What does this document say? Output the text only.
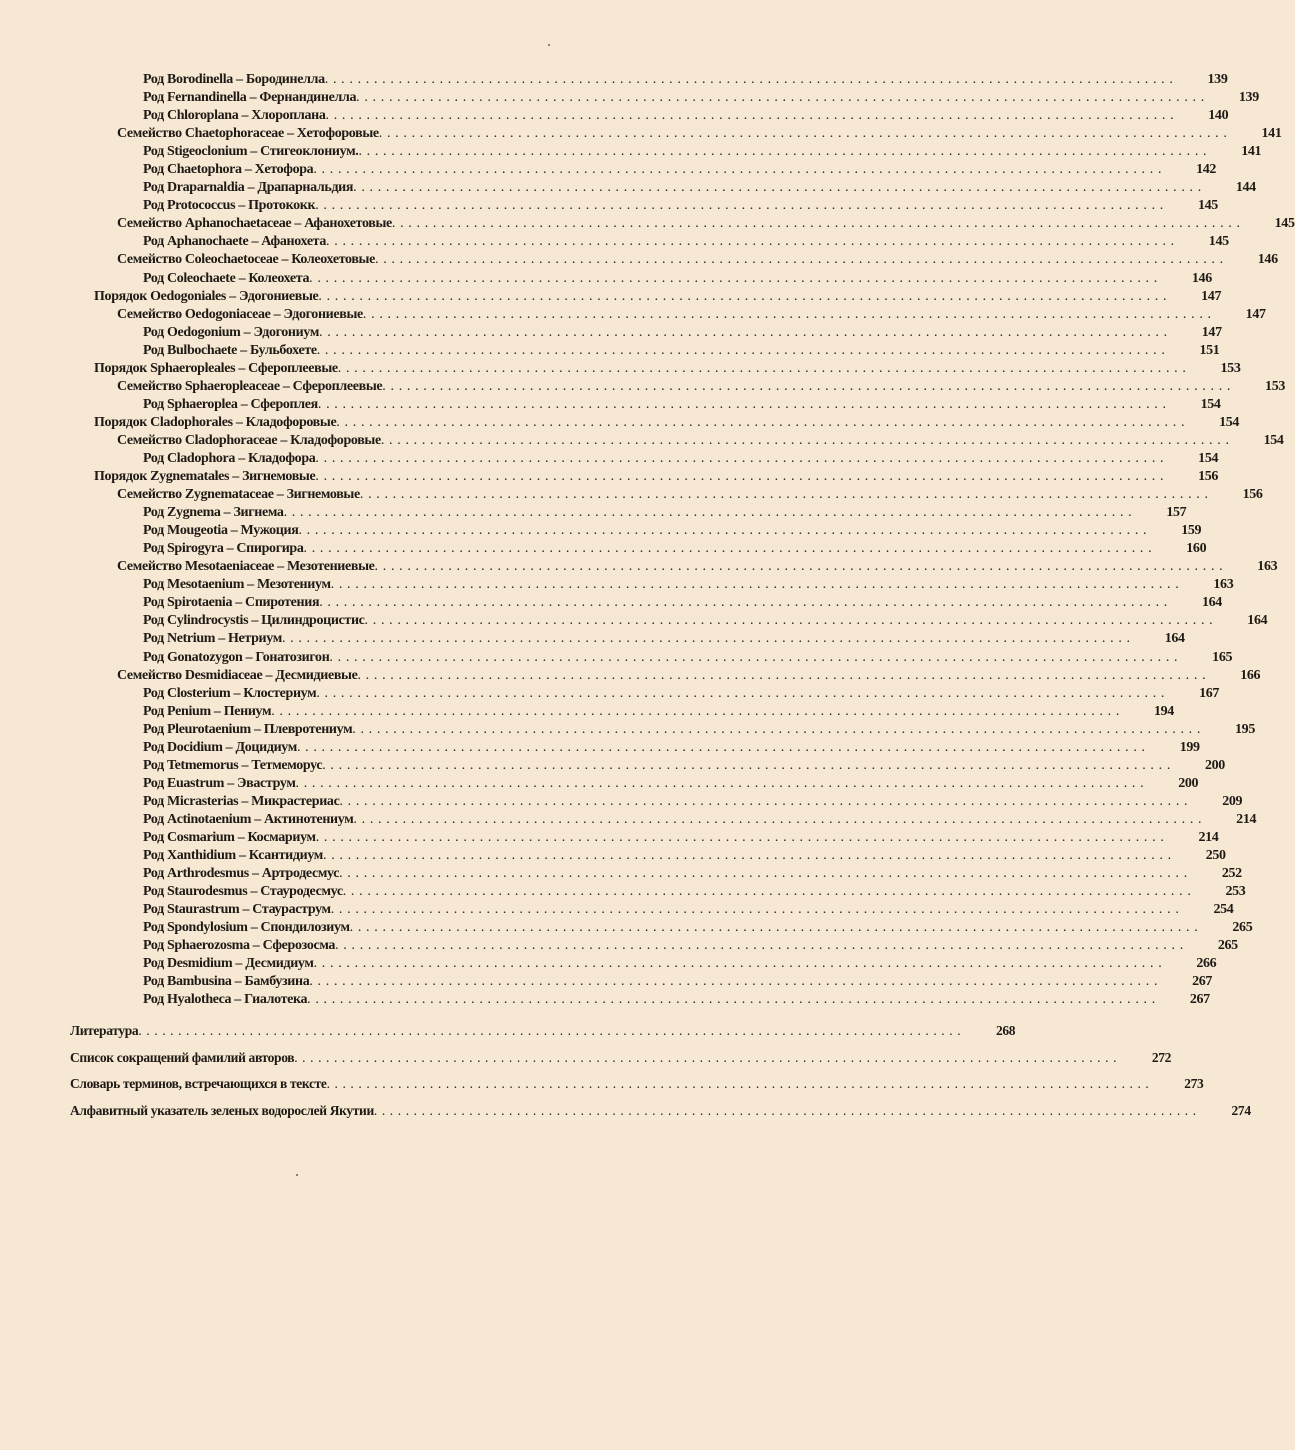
Род Borodinella – Бородинелла . . . . . . . . . . . . . . . . . . . . . . . . . . . . . . . . . . . . . . . . . . . . . . . . . . . . . . . . . . . . . . . . . . . . . . . . . . . . . . . . . . . . . . . . . . . . . . . . . . . . . . . .	139
Род Fernandinella – Фернандинелла . . . . . . . . . . . . . . . . . . . . . . . . . . . . . . . . . . . . . . . . . . . . . . . . . . . . . . . . . . . . . . . . . . . . . . . . . . . . . . . . . . . . . . . . . . . . . . . . . . . . . . . .	139
Род Chloroplana – Хлороплана . . . . . . . . . . . . . . . . . . . . . . . . . . . . . . . . . . . . . . . . . . . . . . . . . . . . . . . . . . . . . . . . . . . . . . . . . . . . . . . . . . . . . . . . . . . . . . . . . . . . . . . .	140
Семейство Chaetophoraceae – Хетофоровые . . . . . . . . . . . . . . . . . . . . . . . . . . . . . . . . . . . . . . . . . . . . . . . . . . . . . . . . . . . . . . . . . . . . . . . . . . . . . . . . . . . . . . . . . . . . . . . . . . . . . . . .	141
Род Stigeoclonium – Стигеоклониум. . . . . . . . . . . . . . . . . . . . . . . . . . . . . . . . . . . . . . . . . . . . . . . . . . . . . . . . . . . . . . . . . . . . . . . . . . . . . . . . . . . . . . . . . . . . . . . . . . . . . . . . .	141
Род Chaetophora – Хетофора . . . . . . . . . . . . . . . . . . . . . . . . . . . . . . . . . . . . . . . . . . . . . . . . . . . . . . . . . . . . . . . . . . . . . . . . . . . . . . . . . . . . . . . . . . . . . . . . . . . . . . . .	142
Род Draparnaldia – Драпарнальдия . . . . . . . . . . . . . . . . . . . . . . . . . . . . . . . . . . . . . . . . . . . . . . . . . . . . . . . . . . . . . . . . . . . . . . . . . . . . . . . . . . . . . . . . . . . . . . . . . . . . . . . .	144
Род Protococcus – Протококк . . . . . . . . . . . . . . . . . . . . . . . . . . . . . . . . . . . . . . . . . . . . . . . . . . . . . . . . . . . . . . . . . . . . . . . . . . . . . . . . . . . . . . . . . . . . . . . . . . . . . . . .	145
Семейство Aphanochaetaceae – Афанохетовые . . . . . . . . . . . . . . . . . . . . . . . . . . . . . . . . . . . . . . . . . . . . . . . . . . . . . . . . . . . . . . . . . . . . . . . . . . . . . . . . . . . . . . . . . . . . . . . . . . . . . . . .	145
Род Aphanochaete – Афанохета . . . . . . . . . . . . . . . . . . . . . . . . . . . . . . . . . . . . . . . . . . . . . . . . . . . . . . . . . . . . . . . . . . . . . . . . . . . . . . . . . . . . . . . . . . . . . . . . . . . . . . . .	145
Семейство Coleochaetoceae – Колеохетовые . . . . . . . . . . . . . . . . . . . . . . . . . . . . . . . . . . . . . . . . . . . . . . . . . . . . . . . . . . . . . . . . . . . . . . . . . . . . . . . . . . . . . . . . . . . . . . . . . . . . . . . .	146
Род Coleochaete – Колеохета . . . . . . . . . . . . . . . . . . . . . . . . . . . . . . . . . . . . . . . . . . . . . . . . . . . . . . . . . . . . . . . . . . . . . . . . . . . . . . . . . . . . . . . . . . . . . . . . . . . . . . . .	146
Порядок Oedogoniales – Эдогониевые . . . . . . . . . . . . . . . . . . . . . . . . . . . . . . . . . . . . . . . . . . . . . . . . . . . . . . . . . . . . . . . . . . . . . . . . . . . . . . . . . . . . . . . . . . . . . . . . . . . . . . . .	147
Семейство Oedogoniaceae – Эдогониевые . . . . . . . . . . . . . . . . . . . . . . . . . . . . . . . . . . . . . . . . . . . . . . . . . . . . . . . . . . . . . . . . . . . . . . . . . . . . . . . . . . . . . . . . . . . . . . . . . . . . . . . .	147
Род Oedogonium – Эдогониум . . . . . . . . . . . . . . . . . . . . . . . . . . . . . . . . . . . . . . . . . . . . . . . . . . . . . . . . . . . . . . . . . . . . . . . . . . . . . . . . . . . . . . . . . . . . . . . . . . . . . . . .	147
Род Bulbochaete – Бульбохете . . . . . . . . . . . . . . . . . . . . . . . . . . . . . . . . . . . . . . . . . . . . . . . . . . . . . . . . . . . . . . . . . . . . . . . . . . . . . . . . . . . . . . . . . . . . . . . . . . . . . . . .	151
Порядок Sphaeropleales – Сфероплеевые . . . . . . . . . . . . . . . . . . . . . . . . . . . . . . . . . . . . . . . . . . . . . . . . . . . . . . . . . . . . . . . . . . . . . . . . . . . . . . . . . . . . . . . . . . . . . . . . . . . . . . . .	153
Семейство Sphaeropleaceae – Сфероплеевые . . . . . . . . . . . . . . . . . . . . . . . . . . . . . . . . . . . . . . . . . . . . . . . . . . . . . . . . . . . . . . . . . . . . . . . . . . . . . . . . . . . . . . . . . . . . . . . . . . . . . . . .	153
Род Sphaeroplea – Сфероплея . . . . . . . . . . . . . . . . . . . . . . . . . . . . . . . . . . . . . . . . . . . . . . . . . . . . . . . . . . . . . . . . . . . . . . . . . . . . . . . . . . . . . . . . . . . . . . . . . . . . . . . .	154
Порядок Cladophorales – Кладофоровые . . . . . . . . . . . . . . . . . . . . . . . . . . . . . . . . . . . . . . . . . . . . . . . . . . . . . . . . . . . . . . . . . . . . . . . . . . . . . . . . . . . . . . . . . . . . . . . . . . . . . . . .	154
Семейство Cladophoraceae – Кладофоровые . . . . . . . . . . . . . . . . . . . . . . . . . . . . . . . . . . . . . . . . . . . . . . . . . . . . . . . . . . . . . . . . . . . . . . . . . . . . . . . . . . . . . . . . . . . . . . . . . . . . . . . .	154
Род Cladophora – Кладофора . . . . . . . . . . . . . . . . . . . . . . . . . . . . . . . . . . . . . . . . . . . . . . . . . . . . . . . . . . . . . . . . . . . . . . . . . . . . . . . . . . . . . . . . . . . . . . . . . . . . . . . .	154
Порядок Zygnematales – Зигнемовые . . . . . . . . . . . . . . . . . . . . . . . . . . . . . . . . . . . . . . . . . . . . . . . . . . . . . . . . . . . . . . . . . . . . . . . . . . . . . . . . . . . . . . . . . . . . . . . . . . . . . . . .	156
Семейство Zygnemataceae – Зигнемовые . . . . . . . . . . . . . . . . . . . . . . . . . . . . . . . . . . . . . . . . . . . . . . . . . . . . . . . . . . . . . . . . . . . . . . . . . . . . . . . . . . . . . . . . . . . . . . . . . . . . . . . .	156
Род Zygnema – Зигнема . . . . . . . . . . . . . . . . . . . . . . . . . . . . . . . . . . . . . . . . . . . . . . . . . . . . . . . . . . . . . . . . . . . . . . . . . . . . . . . . . . . . . . . . . . . . . . . . . . . . . . . .	157
Род Mougeotia – Мужоция . . . . . . . . . . . . . . . . . . . . . . . . . . . . . . . . . . . . . . . . . . . . . . . . . . . . . . . . . . . . . . . . . . . . . . . . . . . . . . . . . . . . . . . . . . . . . . . . . . . . . . . .	159
Род Spirogyra – Спирогира . . . . . . . . . . . . . . . . . . . . . . . . . . . . . . . . . . . . . . . . . . . . . . . . . . . . . . . . . . . . . . . . . . . . . . . . . . . . . . . . . . . . . . . . . . . . . . . . . . . . . . . .	160
Семейство Mesotaeniaceae – Мезотениевые . . . . . . . . . . . . . . . . . . . . . . . . . . . . . . . . . . . . . . . . . . . . . . . . . . . . . . . . . . . . . . . . . . . . . . . . . . . . . . . . . . . . . . . . . . . . . . . . . . . . . . . .	163
Род Mesotaenium – Мезотениум . . . . . . . . . . . . . . . . . . . . . . . . . . . . . . . . . . . . . . . . . . . . . . . . . . . . . . . . . . . . . . . . . . . . . . . . . . . . . . . . . . . . . . . . . . . . . . . . . . . . . . . .	163
Род Spirotaenia – Спиротения . . . . . . . . . . . . . . . . . . . . . . . . . . . . . . . . . . . . . . . . . . . . . . . . . . . . . . . . . . . . . . . . . . . . . . . . . . . . . . . . . . . . . . . . . . . . . . . . . . . . . . . .	164
Род Cylindrocystis – Цилиндроцистис . . . . . . . . . . . . . . . . . . . . . . . . . . . . . . . . . . . . . . . . . . . . . . . . . . . . . . . . . . . . . . . . . . . . . . . . . . . . . . . . . . . . . . . . . . . . . . . . . . . . . . . .	164
Род Netrium – Нетриум . . . . . . . . . . . . . . . . . . . . . . . . . . . . . . . . . . . . . . . . . . . . . . . . . . . . . . . . . . . . . . . . . . . . . . . . . . . . . . . . . . . . . . . . . . . . . . . . . . . . . . . .	164
Род Gonatozygon – Гонатозигон . . . . . . . . . . . . . . . . . . . . . . . . . . . . . . . . . . . . . . . . . . . . . . . . . . . . . . . . . . . . . . . . . . . . . . . . . . . . . . . . . . . . . . . . . . . . . . . . . . . . . . . .	165
Семейство Desmidiaceae – Десмидиевые . . . . . . . . . . . . . . . . . . . . . . . . . . . . . . . . . . . . . . . . . . . . . . . . . . . . . . . . . . . . . . . . . . . . . . . . . . . . . . . . . . . . . . . . . . . . . . . . . . . . . . . .	166
Род Closterium – Клостериум . . . . . . . . . . . . . . . . . . . . . . . . . . . . . . . . . . . . . . . . . . . . . . . . . . . . . . . . . . . . . . . . . . . . . . . . . . . . . . . . . . . . . . . . . . . . . . . . . . . . . . . .	167
Род Penium – Пениум . . . . . . . . . . . . . . . . . . . . . . . . . . . . . . . . . . . . . . . . . . . . . . . . . . . . . . . . . . . . . . . . . . . . . . . . . . . . . . . . . . . . . . . . . . . . . . . . . . . . . . . .	194
Род Pleurotaenium – Плевротениум . . . . . . . . . . . . . . . . . . . . . . . . . . . . . . . . . . . . . . . . . . . . . . . . . . . . . . . . . . . . . . . . . . . . . . . . . . . . . . . . . . . . . . . . . . . . . . . . . . . . . . . .	195
Род Docidium – Доцидиум . . . . . . . . . . . . . . . . . . . . . . . . . . . . . . . . . . . . . . . . . . . . . . . . . . . . . . . . . . . . . . . . . . . . . . . . . . . . . . . . . . . . . . . . . . . . . . . . . . . . . . . .	199
Род Tetmemorus – Тетмеморус . . . . . . . . . . . . . . . . . . . . . . . . . . . . . . . . . . . . . . . . . . . . . . . . . . . . . . . . . . . . . . . . . . . . . . . . . . . . . . . . . . . . . . . . . . . . . . . . . . . . . . . .	200
Род Euastrum – Эваструм . . . . . . . . . . . . . . . . . . . . . . . . . . . . . . . . . . . . . . . . . . . . . . . . . . . . . . . . . . . . . . . . . . . . . . . . . . . . . . . . . . . . . . . . . . . . . . . . . . . . . . . .	200
Род Micrasterias – Микрастериас . . . . . . . . . . . . . . . . . . . . . . . . . . . . . . . . . . . . . . . . . . . . . . . . . . . . . . . . . . . . . . . . . . . . . . . . . . . . . . . . . . . . . . . . . . . . . . . . . . . . . . . .	209
Род Actinotaenium – Актинотениум . . . . . . . . . . . . . . . . . . . . . . . . . . . . . . . . . . . . . . . . . . . . . . . . . . . . . . . . . . . . . . . . . . . . . . . . . . . . . . . . . . . . . . . . . . . . . . . . . . . . . . . .	214
Род Cosmarium – Космариум . . . . . . . . . . . . . . . . . . . . . . . . . . . . . . . . . . . . . . . . . . . . . . . . . . . . . . . . . . . . . . . . . . . . . . . . . . . . . . . . . . . . . . . . . . . . . . . . . . . . . . . .	214
Род Xanthidium – Ксантидиум . . . . . . . . . . . . . . . . . . . . . . . . . . . . . . . . . . . . . . . . . . . . . . . . . . . . . . . . . . . . . . . . . . . . . . . . . . . . . . . . . . . . . . . . . . . . . . . . . . . . . . . .	250
Род Arthrodesmus – Артродесмус . . . . . . . . . . . . . . . . . . . . . . . . . . . . . . . . . . . . . . . . . . . . . . . . . . . . . . . . . . . . . . . . . . . . . . . . . . . . . . . . . . . . . . . . . . . . . . . . . . . . . . . .	252
Род Staurodesmus – Стауродесмус . . . . . . . . . . . . . . . . . . . . . . . . . . . . . . . . . . . . . . . . . . . . . . . . . . . . . . . . . . . . . . . . . . . . . . . . . . . . . . . . . . . . . . . . . . . . . . . . . . . . . . . .	253
Род Staurastrum – Стаураструм . . . . . . . . . . . . . . . . . . . . . . . . . . . . . . . . . . . . . . . . . . . . . . . . . . . . . . . . . . . . . . . . . . . . . . . . . . . . . . . . . . . . . . . . . . . . . . . . . . . . . . . .	254
Род Spondylosium – Спондилозиум . . . . . . . . . . . . . . . . . . . . . . . . . . . . . . . . . . . . . . . . . . . . . . . . . . . . . . . . . . . . . . . . . . . . . . . . . . . . . . . . . . . . . . . . . . . . . . . . . . . . . . . .	265
Род Sphaerozosma – Сферозосма . . . . . . . . . . . . . . . . . . . . . . . . . . . . . . . . . . . . . . . . . . . . . . . . . . . . . . . . . . . . . . . . . . . . . . . . . . . . . . . . . . . . . . . . . . . . . . . . . . . . . . . .	265
Род Desmidium – Десмидиум . . . . . . . . . . . . . . . . . . . . . . . . . . . . . . . . . . . . . . . . . . . . . . . . . . . . . . . . . . . . . . . . . . . . . . . . . . . . . . . . . . . . . . . . . . . . . . . . . . . . . . . .	266
Род Bambusina – Бамбузина . . . . . . . . . . . . . . . . . . . . . . . . . . . . . . . . . . . . . . . . . . . . . . . . . . . . . . . . . . . . . . . . . . . . . . . . . . . . . . . . . . . . . . . . . . . . . . . . . . . . . . . .	267
Род Hyalotheca – Гиалотека . . . . . . . . . . . . . . . . . . . . . . . . . . . . . . . . . . . . . . . . . . . . . . . . . . . . . . . . . . . . . . . . . . . . . . . . . . . . . . . . . . . . . . . . . . . . . . . . . . . . . . . .	267
Литература . . . . . . . . . . . . . . . . . . . . . . . . . . . . . . . . . . . . . . . . . . . . . . . . . . . . . . . . . . . . . . . . . . . . . . . . . . . . . . . . . . . . . . . . . . . . . . . . . . . . . . . .	268
Список сокращений фамилий авторов . . . . . . . . . . . . . . . . . . . . . . . . . . . . . . . . . . . . . . . . . . . . . . . . . . . . . . . . . . . . . . . . . . . . . . . . . . . . . . . . . . . . . . . . . . . . . . . . . . . . . . . .	272
Словарь терминов, встречающихся в тексте . . . . . . . . . . . . . . . . . . . . . . . . . . . . . . . . . . . . . . . . . . . . . . . . . . . . . . . . . . . . . . . . . . . . . . . . . . . . . . . . . . . . . . . . . . . . . . . . . . . . . . . .	273
Алфавитный указатель зеленых водорослей Якутии . . . . . . . . . . . . . . . . . . . . . . . . . . . . . . . . . . . . . . . . . . . . . . . . . . . . . . . . . . . . . . . . . . . . . . . . . . . . . . . . . . . . . . . . . . . . . . . . . . . . . . . .	274
